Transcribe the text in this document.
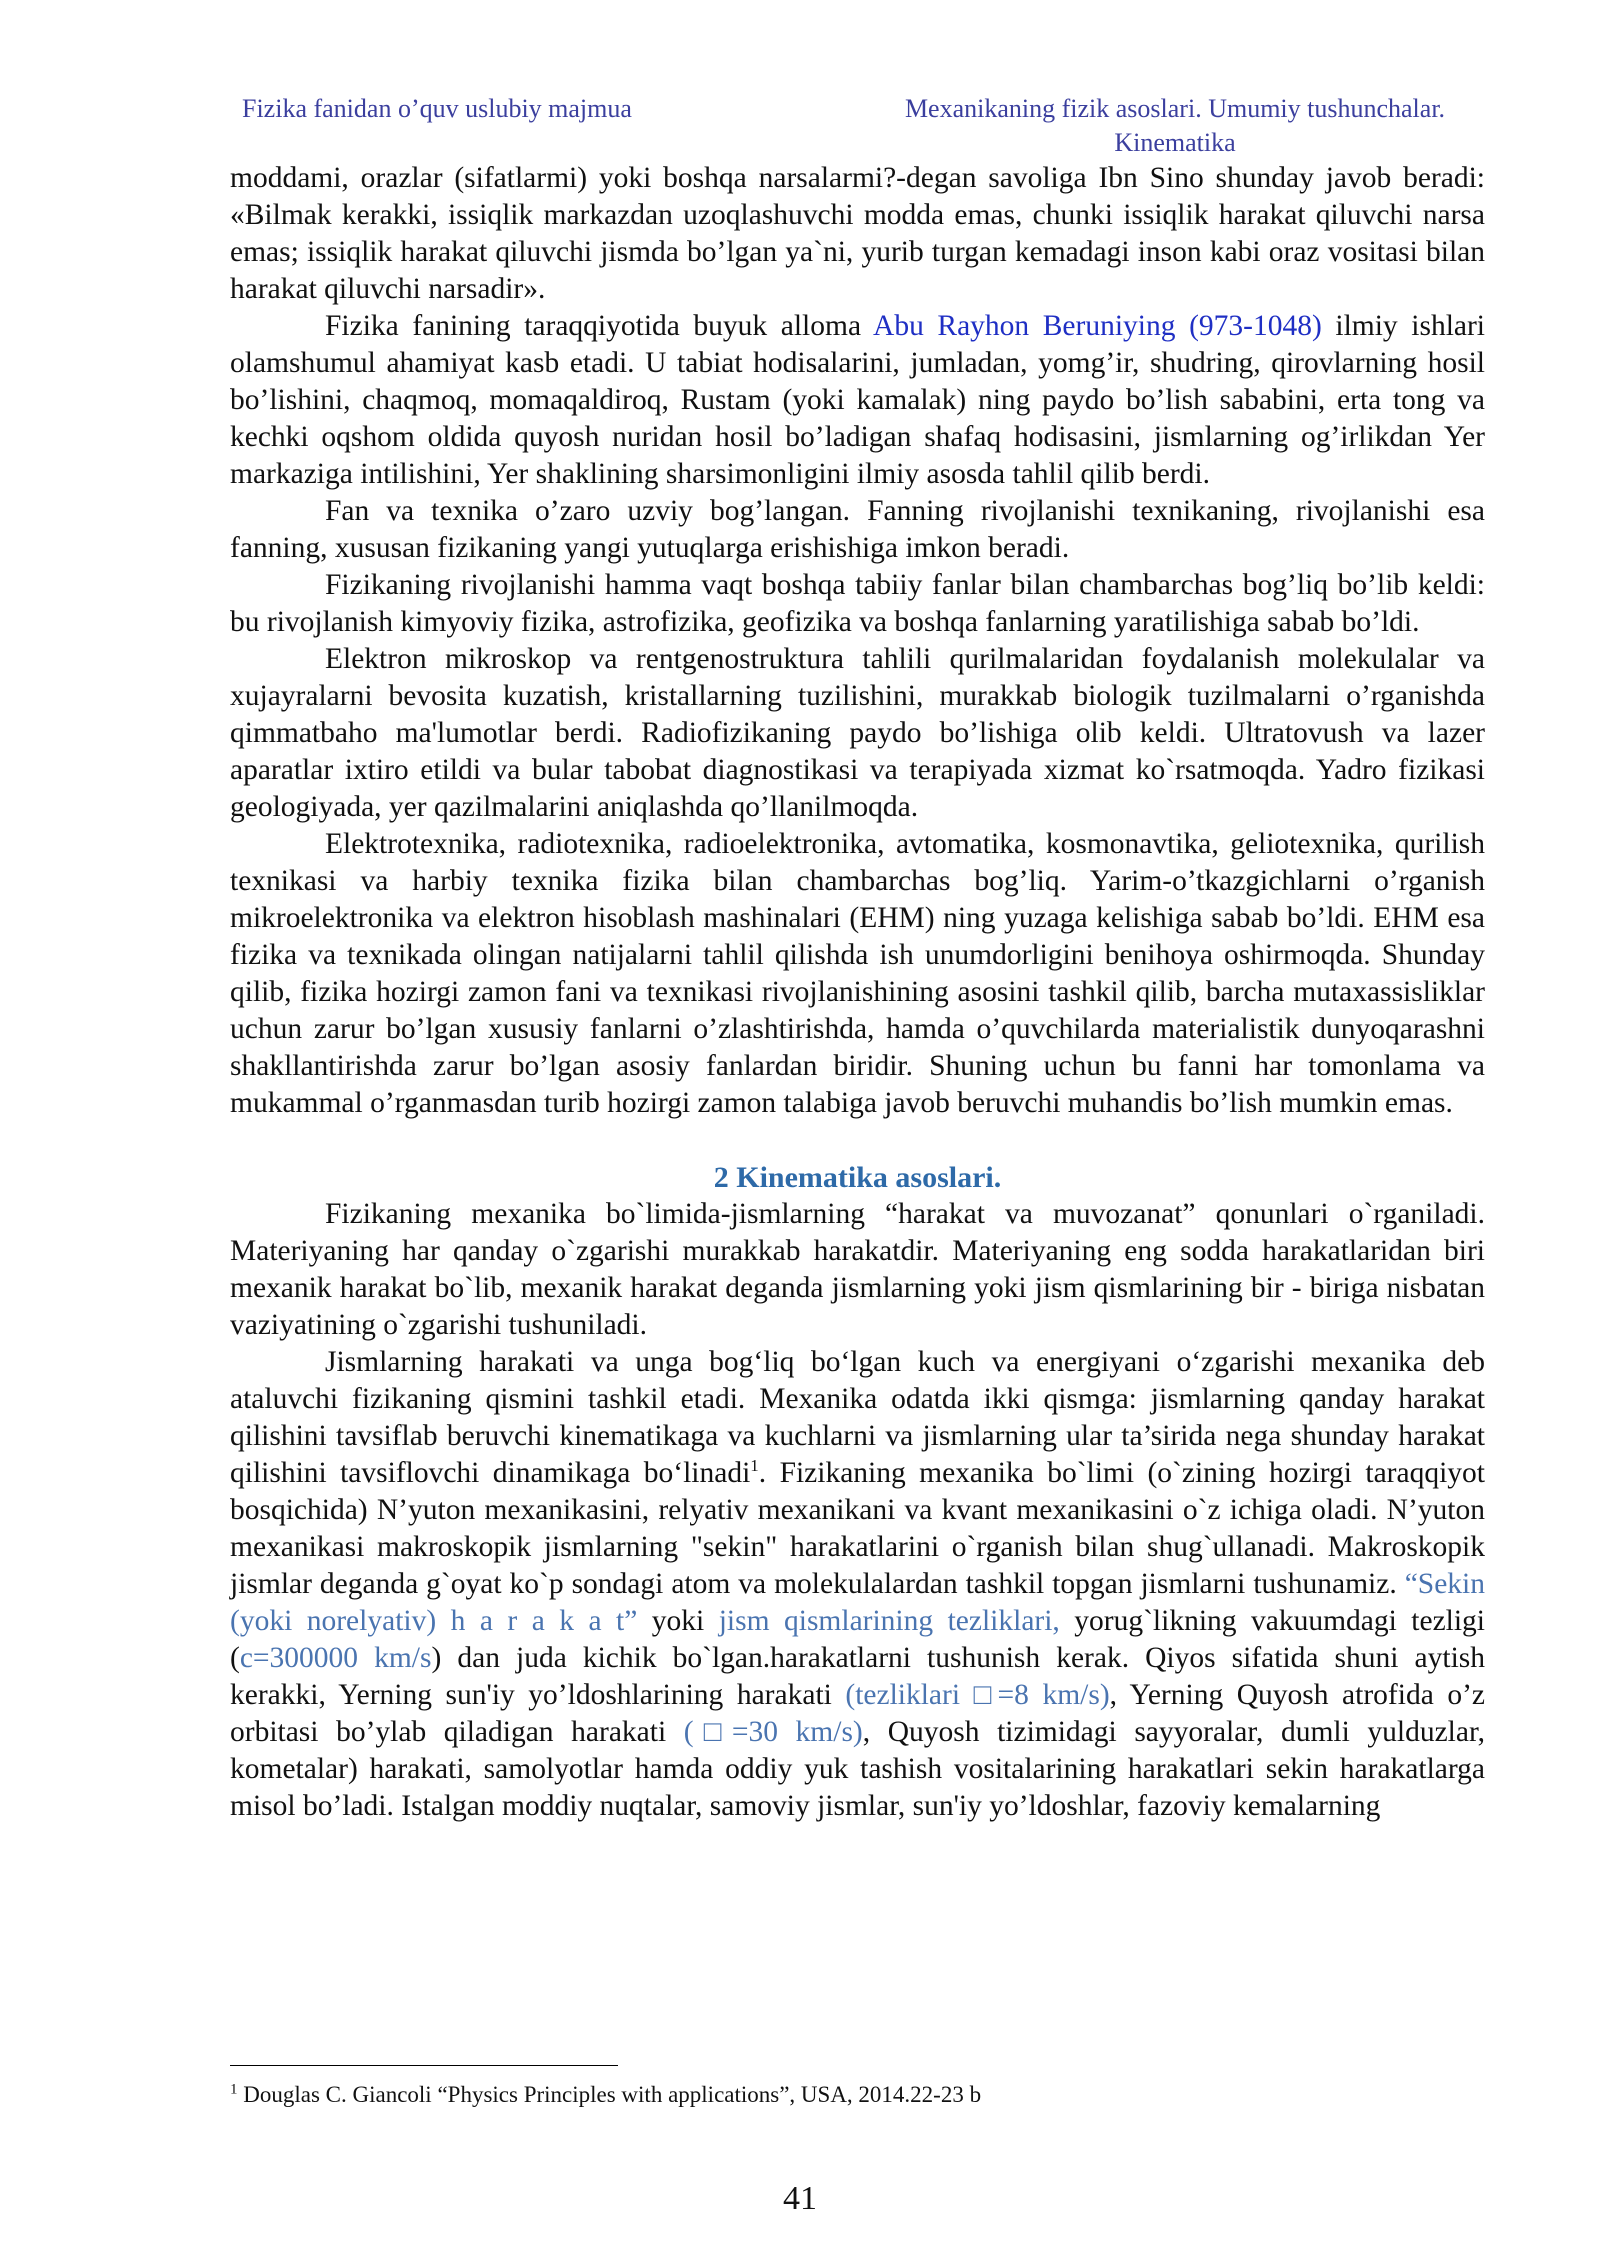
Fizika fanidan o’quv uslubiy majmua	Mexanikaning fizik asoslari. Umumiy tushunchalar.
Kinematika

moddami, orazlar (sifatlarmi) yoki boshqa narsalarmi?-degan savoliga Ibn Sino shunday javob beradi: «Bilmak kerakki, issiqlik markazdan uzoqlashuvchi modda emas, chunki issiqlik harakat qiluvchi narsa emas; issiqlik harakat qiluvchi jismda bo’lgan ya`ni, yurib turgan kemadagi inson kabi oraz vositasi bilan harakat qiluvchi narsadir».

Fizika fanining taraqqiyotida buyuk alloma Abu Rayhon Beruniying (973-1048) ilmiy ishlari olamshumul ahamiyat kasb etadi. U tabiat hodisalarini, jumladan, yomg’ir, shudring, qirovlarning hosil bo’lishini, chaqmoq, momaqaldiroq, Rustam (yoki kamalak) ning paydo bo’lish sababini, erta tong va kechki oqshom oldida quyosh nuridan hosil bo’ladigan shafaq hodisasini, jismlarning og’irlikdan Yer markaziga intilishini, Yer shaklining sharsimonligini ilmiy asosda tahlil qilib berdi.

Fan va texnika o’zaro uzviy bog’langan. Fanning rivojlanishi texnikaning, rivojlanishi esa fanning, xususan fizikaning yangi yutuqlarga erishishiga imkon beradi.

Fizikaning rivojlanishi hamma vaqt boshqa tabiiy fanlar bilan chambarchas bog’liq bo’lib keldi: bu rivojlanish kimyoviy fizika, astrofizika, geofizika va boshqa fanlarning yaratilishiga sabab bo’ldi.

Elektron mikroskop va rentgenostruktura tahlili qurilmalaridan foydalanish molekulalar va xujayralarni bevosita kuzatish, kristallarning tuzilishini, murakkab biologik tuzilmalarni o’rganishda qimmatbaho ma'lumotlar berdi. Radiofizikaning paydo bo’lishiga olib keldi. Ultratovush va lazer aparatlar ixtiro etildi va bular tabobat diagnostikasi va terapiyada xizmat ko`rsatmoqda. Yadro fizikasi geologiyada, yer qazilmalarini aniqlashda qo’llanilmoqda.

Elektrotexnika, radiotexnika, radioelektronika, avtomatika, kosmonavtika, geliotexnika, qurilish texnikasi va harbiy texnika fizika bilan chambarchas bog’liq. Yarim-o’tkazgichlarni o’rganish mikroelektronika va elektron hisoblash mashinalari (EHM) ning yuzaga kelishiga sabab bo’ldi. EHM esa fizika va texnikada olingan natijalarni tahlil qilishda ish unumdorligini benihoya oshirmoqda. Shunday qilib, fizika hozirgi zamon fani va texnikasi rivojlanishining asosini tashkil qilib, barcha mutaxassisliklar uchun zarur bo’lgan xususiy fanlarni o’zlashtirishda, hamda o’quvchilarda materialistik dunyoqarashni shakllantirishda zarur bo’lgan asosiy fanlardan biridir. Shuning uchun bu fanni har tomonlama va mukammal o’rganmasdan turib hozirgi zamon talabiga javob beruvchi muhandis bo’lish mumkin emas.

2 Kinematika asoslari.

Fizikaning mexanika bo`limida-jismlarning “harakat va muvozanat” qonunlari o`rganiladi. Materiyaning har qanday o`zgarishi murakkab harakatdir. Materiyaning eng sodda harakatlaridan biri mexanik harakat bo`lib, mexanik harakat deganda jismlarning yoki jism qismlarining bir - biriga nisbatan vaziyatining o`zgarishi tushuniladi.

Jismlarning harakati va unga bog‘liq bo‘lgan kuch va energiyani o‘zgarishi mexanika deb ataluvchi fizikaning qismini tashkil etadi. Mexanika odatda ikki qismga: jismlarning qanday harakat qilishini tavsiflab beruvchi kinematikaga va kuchlarni va jismlarning ular ta’sirida nega shunday harakat qilishini tavsiflovchi dinamikaga bo‘linadi$^1$. Fizikaning mexanika bo`limi (o`zining hozirgi taraqqiyot bosqichida) N’yuton mexanikasini, relyativ mexanikani va kvant mexanikasini o`z ichiga oladi. N’yuton mexanikasi makroskopik jismlarning "sekin" harakatlarini o`rganish bilan shug`ullanadi. Makroskopik jismlar deganda g`oyat ko`p sondagi atom va molekulalardan tashkil topgan jismlarni tushunamiz. “Sekin (yoki norelyativ) h a r a k a t” yoki jism qismlarining tezliklari, yorug`likning vakuumdagi tezligi (c=300000 km/s) dan juda kichik bo`lgan.harakatlarni tushunish kerak. Qiyos sifatida shuni aytish kerakki, Yerning sun'iy yo’ldoshlarining harakati (tezliklari □=8 km/s), Yerning Quyosh atrofida o’z orbitasi bo’ylab qiladigan harakati (□=30 km/s), Quyosh tizimidagi sayyoralar, dumli yulduzlar, kometalar) harakati, samolyotlar hamda oddiy yuk tashish vositalarining harakatlari sekin harakatlarga misol bo’ladi. Istalgan moddiy nuqtalar, samoviy jismlar, sun'iy yo’ldoshlar, fazoviy kemalarning

$^1$ Douglas C. Giancoli “Physics Principles with applications”, USA, 2014.22-23 b
41
